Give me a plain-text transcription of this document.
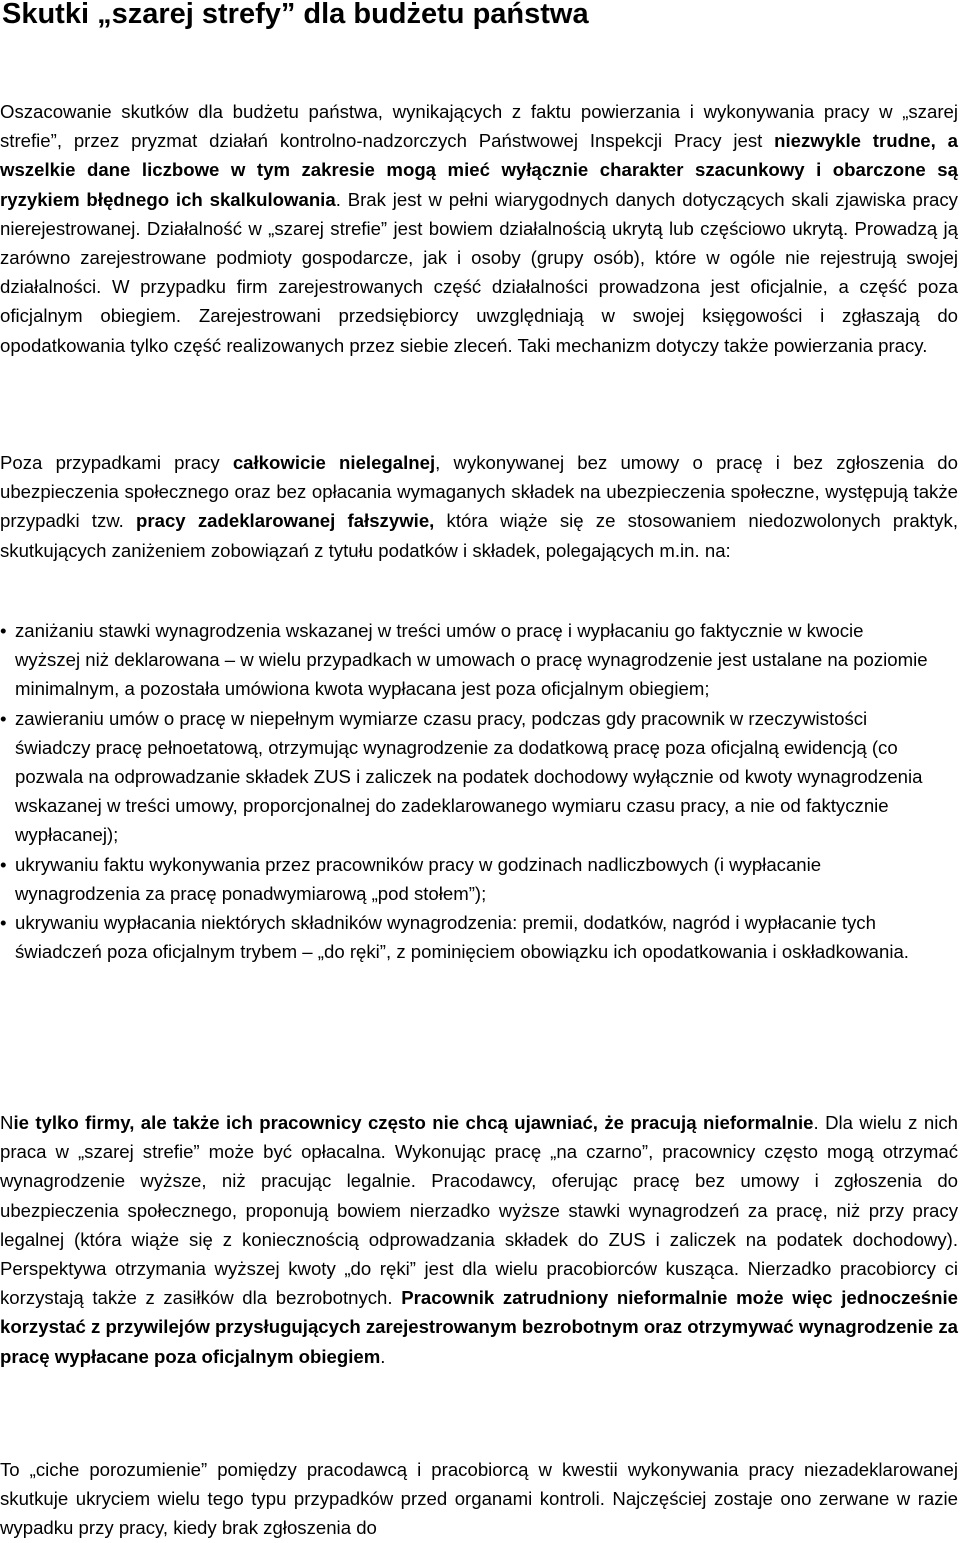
Skutki „szarej strefy” dla budżetu państwa

Oszacowanie skutków dla budżetu państwa, wynikających z faktu powierzania i wykonywania pracy w „szarej strefie”, przez pryzmat działań kontrolno-nadzorczych Państwowej Inspekcji Pracy jest niezwykle trudne, a wszelkie dane liczbowe w tym zakresie mogą mieć wyłącznie charakter szacunkowy i obarczone są ryzykiem błędnego ich skalkulowania. Brak jest w pełni wiarygodnych danych dotyczących skali zjawiska pracy nierejestrowanej. Działalność w „szarej strefie” jest bowiem działalnością ukrytą lub częściowo ukrytą. Prowadzą ją zarówno zarejestrowane podmioty gospodarcze, jak i osoby (grupy osób), które w ogóle nie rejestrują swojej działalności. W przypadku firm zarejestrowanych część działalności prowadzona jest oficjalnie, a część poza oficjalnym obiegiem. Zarejestrowani przedsiębiorcy uwzględniają w swojej księgowości i zgłaszają do opodatkowania tylko część realizowanych przez siebie zleceń. Taki mechanizm dotyczy także powierzania pracy.

Poza przypadkami pracy całkowicie nielegalnej, wykonywanej bez umowy o pracę i bez zgłoszenia do ubezpieczenia społecznego oraz bez opłacania wymaganych składek na ubezpieczenia społeczne, występują także przypadki tzw. pracy zadeklarowanej fałszywie, która wiąże się ze stosowaniem niedozwolonych praktyk, skutkujących zaniżeniem zobowiązań z tytułu podatków i składek, polegających m.in. na:

• zaniżaniu stawki wynagrodzenia wskazanej w treści umów o pracę i wypłacaniu go faktycznie w kwocie wyższej niż deklarowana – w wielu przypadkach w umowach o pracę wynagrodzenie jest ustalane na poziomie minimalnym, a pozostała umówiona kwota wypłacana jest poza oficjalnym obiegiem;
• zawieraniu umów o pracę w niepełnym wymiarze czasu pracy, podczas gdy pracownik w rzeczywistości świadczy pracę pełnoetatową, otrzymując wynagrodzenie za dodatkową pracę poza oficjalną ewidencją (co pozwala na odprowadzanie składek ZUS i zaliczek na podatek dochodowy wyłącznie od kwoty wynagrodzenia wskazanej w treści umowy, proporcjonalnej do zadeklarowanego wymiaru czasu pracy, a nie od faktycznie wypłacanej);
• ukrywaniu faktu wykonywania przez pracowników pracy w godzinach nadliczbowych (i wypłacanie wynagrodzenia za pracę ponadwymiarową „pod stołem”);
• ukrywaniu wypłacania niektórych składników wynagrodzenia: premii, dodatków, nagród i wypłacanie tych świadczeń poza oficjalnym trybem – „do ręki”, z pominięciem obowiązku ich opodatkowania i oskładkowania.

Nie tylko firmy, ale także ich pracownicy często nie chcą ujawniać, że pracują nieformalnie. Dla wielu z nich praca w „szarej strefie” może być opłacalna. Wykonując pracę „na czarno”, pracownicy często mogą otrzymać wynagrodzenie wyższe, niż pracując legalnie. Pracodawcy, oferując pracę bez umowy i zgłoszenia do ubezpieczenia społecznego, proponują bowiem nierzadko wyższe stawki wynagrodzeń za pracę, niż przy pracy legalnej (która wiąże się z koniecznością odprowadzania składek do ZUS i zaliczek na podatek dochodowy). Perspektywa otrzymania wyższej kwoty „do ręki” jest dla wielu pracobiorców kusząca. Nierzadko pracobiorcy ci korzystają także z zasiłków dla bezrobotnych. Pracownik zatrudniony nieformalnie może więc jednocześnie korzystać z przywilejów przysługujących zarejestrowanym bezrobotnym oraz otrzymywać wynagrodzenie za pracę wypłacane poza oficjalnym obiegiem.

To „ciche porozumienie” pomiędzy pracodawcą i pracobiorcą w kwestii wykonywania pracy niezadeklarowanej skutkuje ukryciem wielu tego typu przypadków przed organami kontroli. Najczęściej zostaje ono zerwane w razie wypadku przy pracy, kiedy brak zgłoszenia do
